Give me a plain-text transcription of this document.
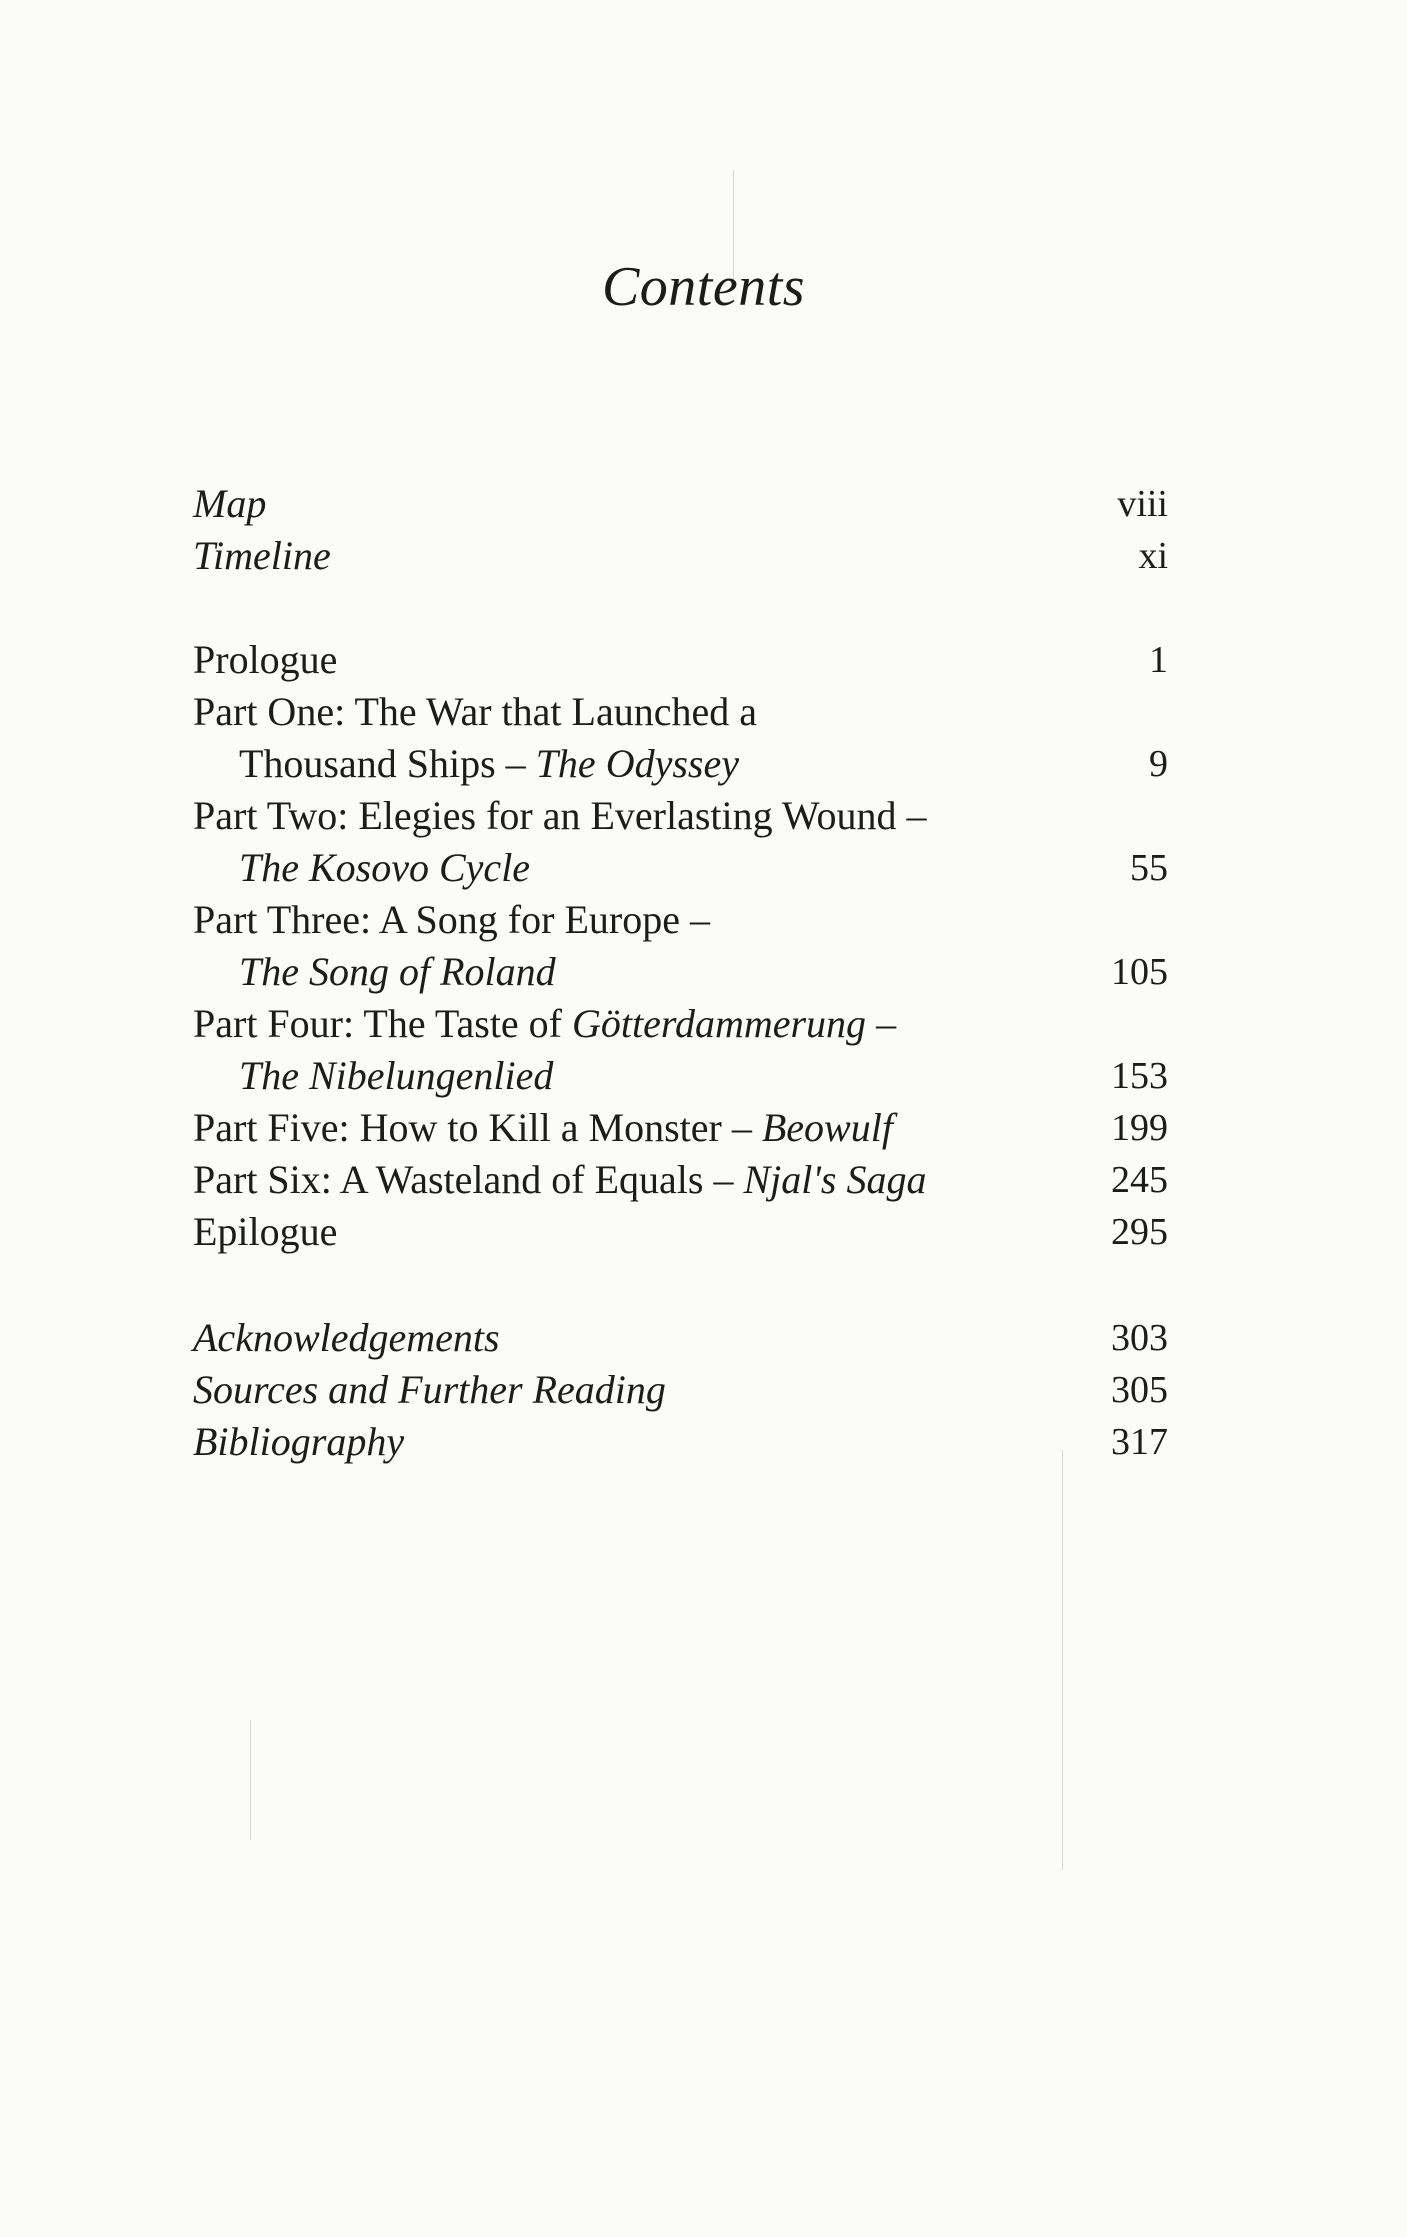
Contents
Map	viii
Timeline	xi
Prologue	1
Part One: The War that Launched a
Thousand Ships – The Odyssey	9
Part Two: Elegies for an Everlasting Wound –
The Kosovo Cycle	55
Part Three: A Song for Europe –
The Song of Roland	105
Part Four: The Taste of Götterdammerung –
The Nibelungenlied	153
Part Five: How to Kill a Monster – Beowulf	199
Part Six: A Wasteland of Equals – Njal's Saga	245
Epilogue	295
Acknowledgements	303
Sources and Further Reading	305
Bibliography	317
